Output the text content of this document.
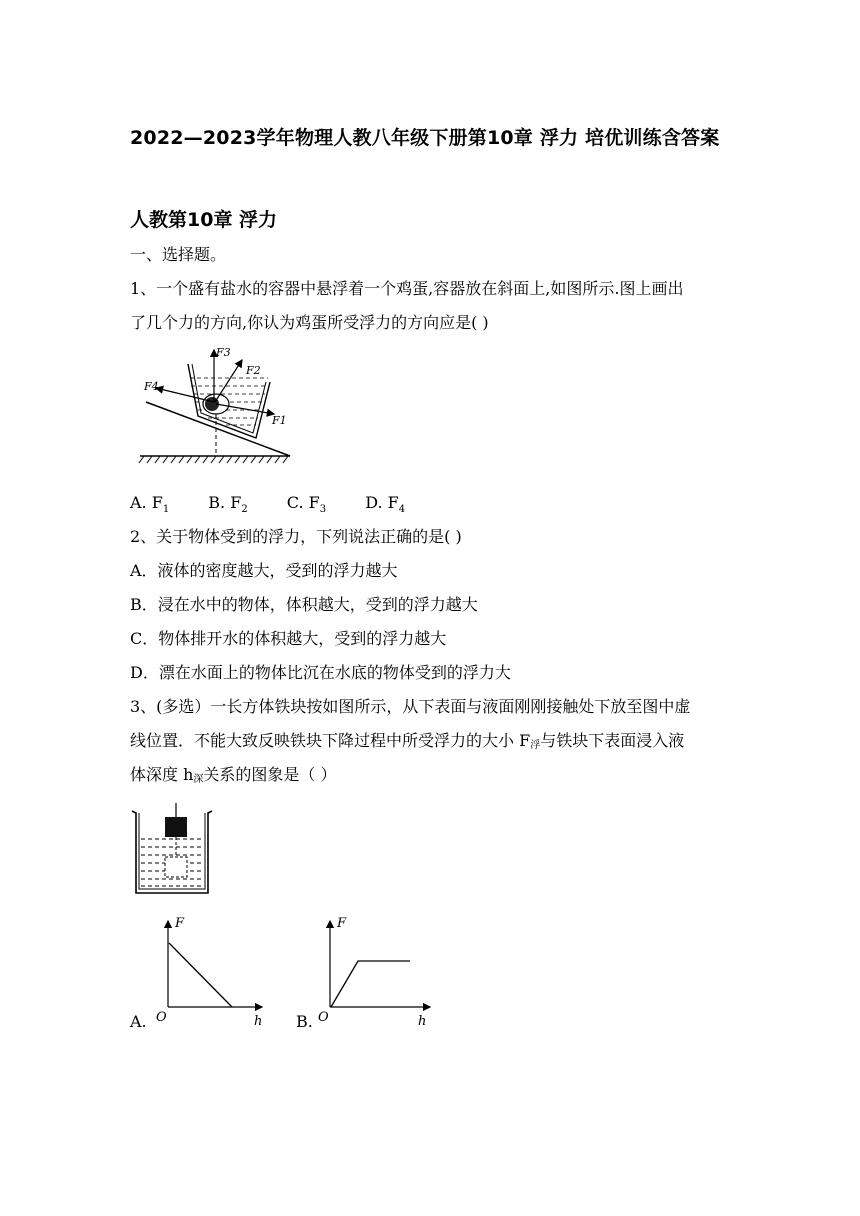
2022—2023学年物理人教八年级下册第10章 浮力 培优训练含答案
人教第10章 浮力
一、选择题。
1、一个盛有盐水的容器中悬浮着一个鸡蛋,容器放在斜面上,如图所示.图上画出
了几个力的方向,你认为鸡蛋所受浮力的方向应是( )
F3
F2
F4
F1
A. $F_1$ B. $F_2$ C. $F_3$ D. $F_4$
2、关于物体受到的浮力，下列说法正确的是( )
A．液体的密度越大，受到的浮力越大
B．浸在水中的物体，体积越大，受到的浮力越大
C．物体排开水的体积越大，受到的浮力越大
D．漂在水面上的物体比沉在水底的物体受到的浮力大
3、(多选）一长方体铁块按如图所示，从下表面与液面刚刚接触处下放至图中虚
线位置．不能大致反映铁块下降过程中所受浮力的大小 F浮与铁块下表面浸入液
体深度 h深关系的图象是（ ）
F
O	h
A.
F
O	h
B.
